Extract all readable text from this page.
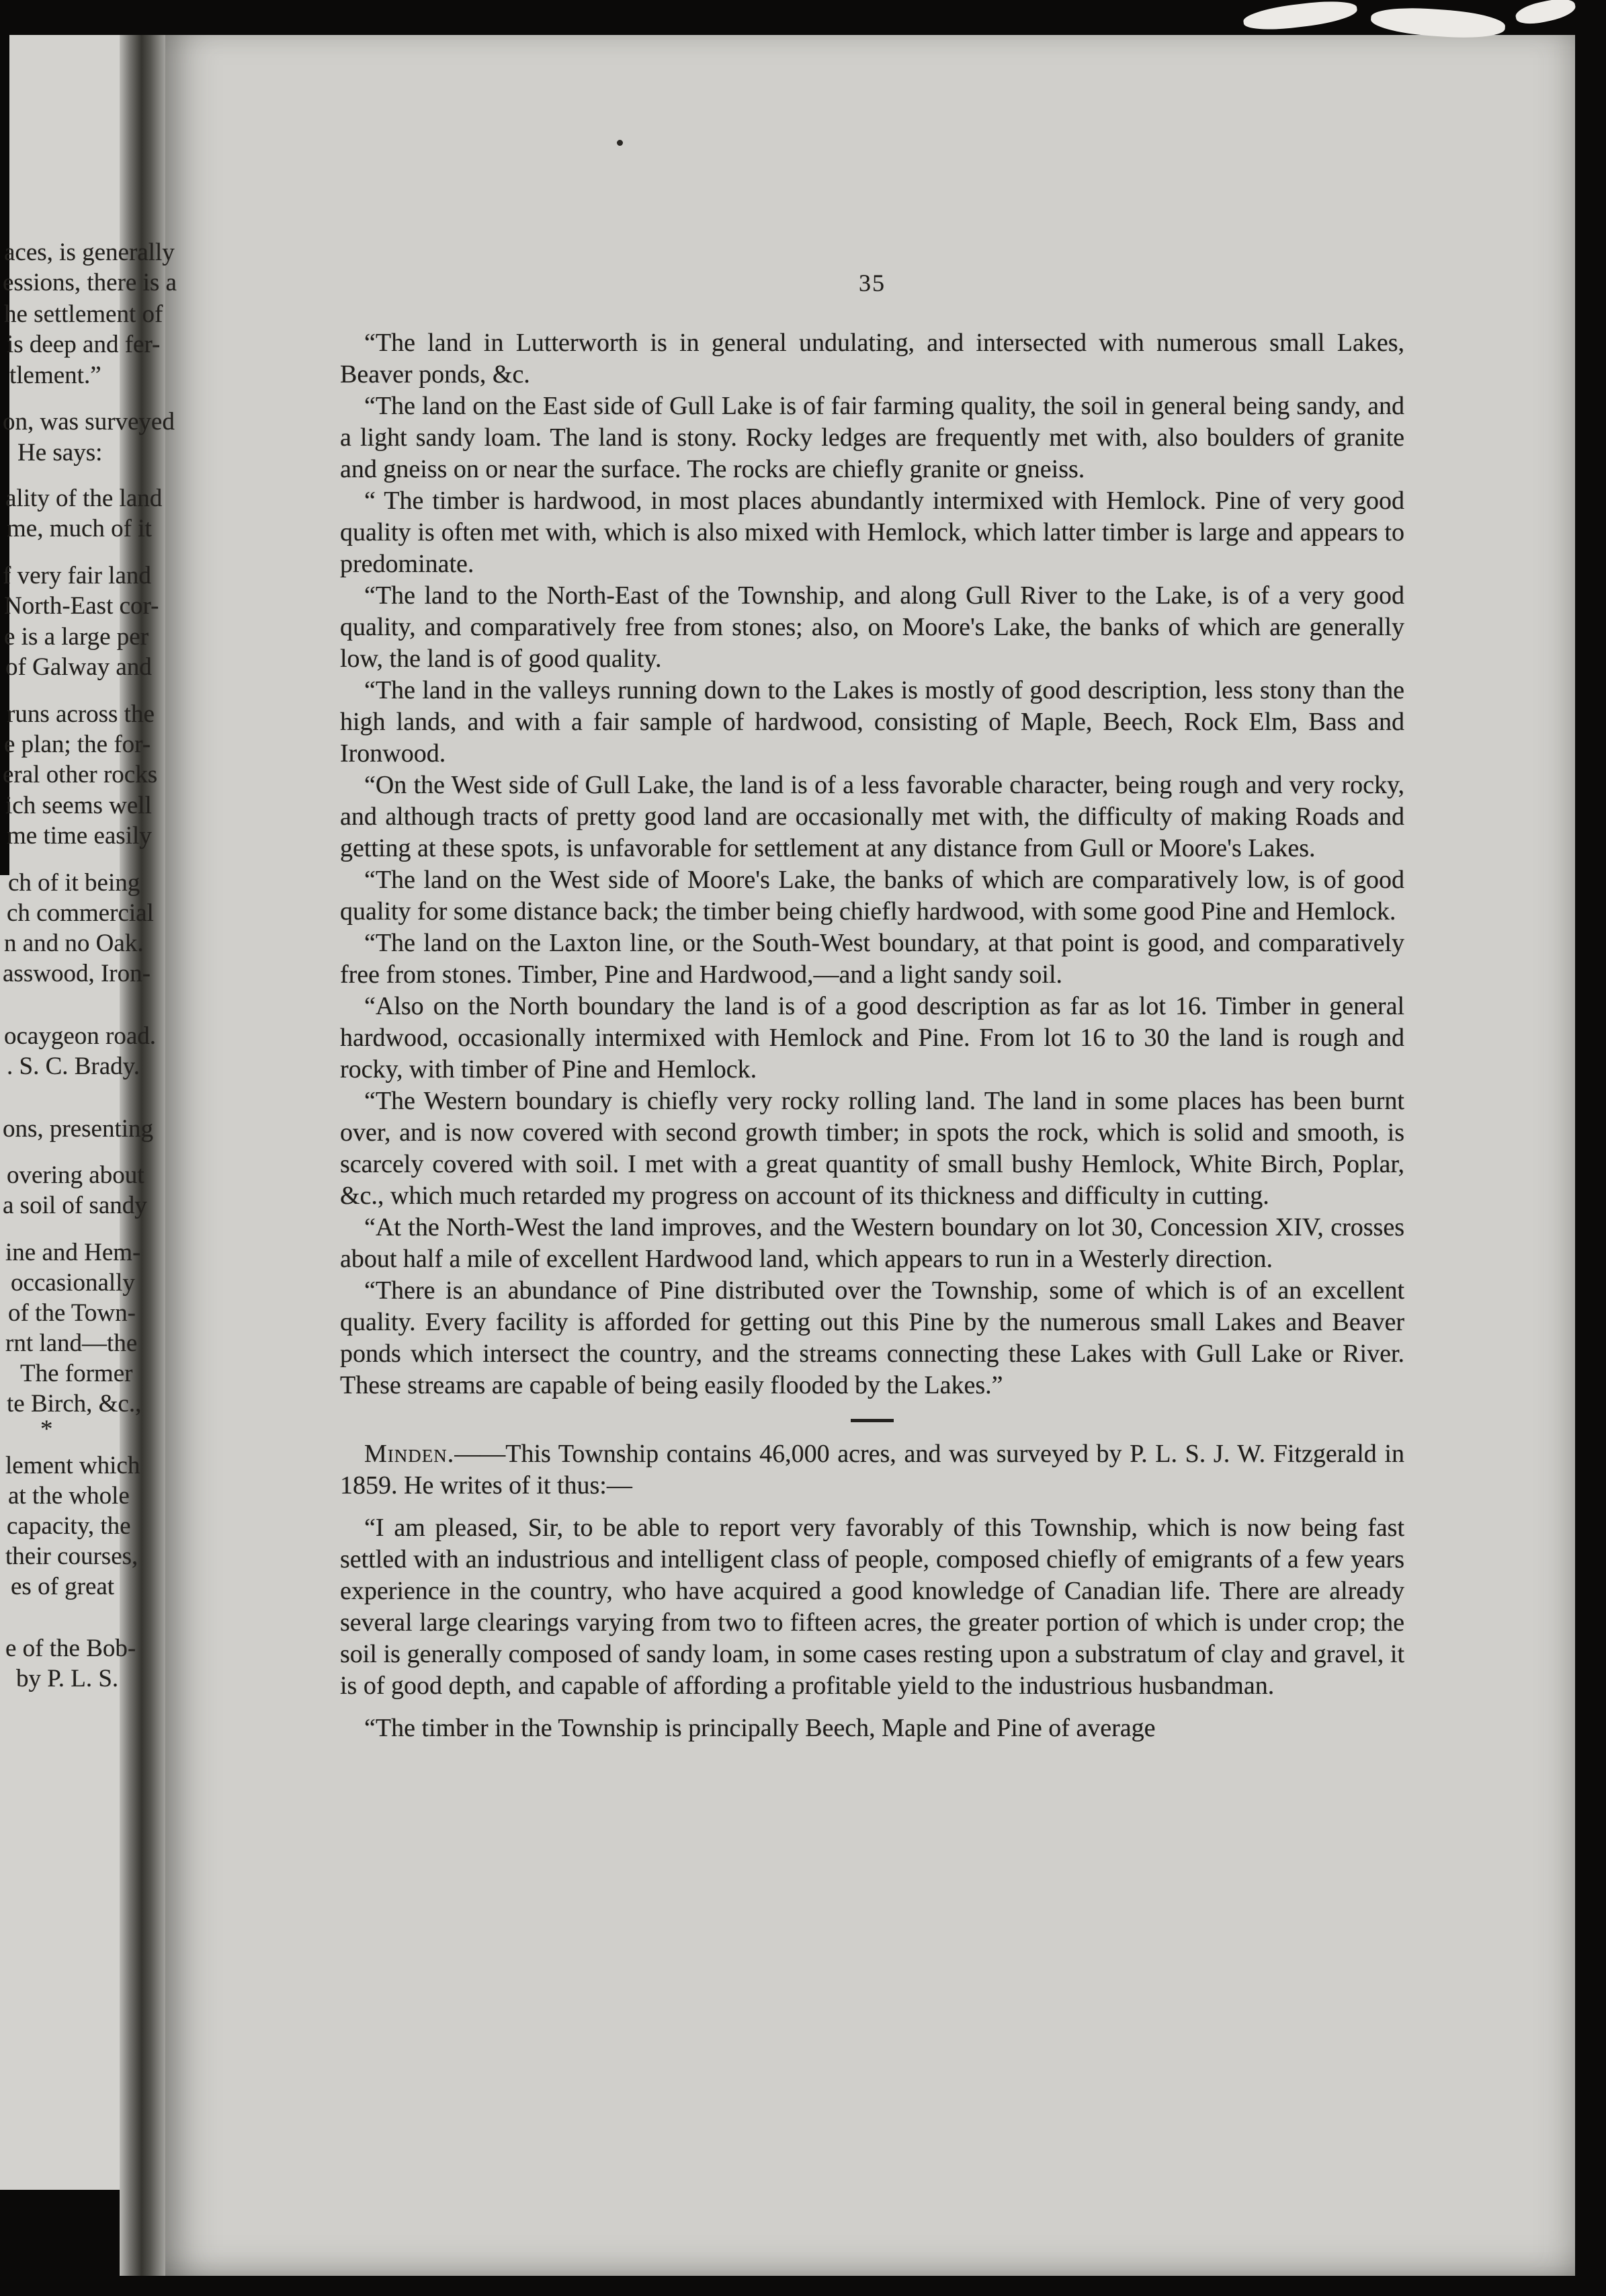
aces, is generally
essions, there is a
he settlement of
is deep and fer-
tlement.”
on, was surveyed
He says:
ality of the land
me, much of it
f very fair land
North-East cor-
e is a large per
of Galway and
runs across the
e plan; the for-
eral other rocks
ich seems well
me time easily
ch of it being
ch commercial
n and no Oak.
asswood, Iron-
ocaygeon road.
. S. C. Brady.
ons, presenting
overing about
a soil of sandy
ine and Hem-
occasionally
of the Town-
rnt land—the
The former
te Birch, &c.,
*
lement which
at the whole
capacity, the
their courses,
es of great
e of the Bob-
by P. L. S.

35

“The land in Lutterworth is in general undulating, and intersected with numerous small Lakes, Beaver ponds, &c.

“The land on the East side of Gull Lake is of fair farming quality, the soil in general being sandy, and a light sandy loam. The land is stony. Rocky ledges are frequently met with, also boulders of granite and gneiss on or near the surface. The rocks are chiefly granite or gneiss.

“ The timber is hardwood, in most places abundantly intermixed with Hemlock. Pine of very good quality is often met with, which is also mixed with Hemlock, which latter timber is large and appears to predominate.

“The land to the North-East of the Township, and along Gull River to the Lake, is of a very good quality, and comparatively free from stones; also, on Moore's Lake, the banks of which are generally low, the land is of good quality.

“The land in the valleys running down to the Lakes is mostly of good description, less stony than the high lands, and with a fair sample of hardwood, consisting of Maple, Beech, Rock Elm, Bass and Ironwood.

“On the West side of Gull Lake, the land is of a less favorable character, being rough and very rocky, and although tracts of pretty good land are occasionally met with, the difficulty of making Roads and getting at these spots, is unfavorable for settlement at any distance from Gull or Moore's Lakes.

“The land on the West side of Moore's Lake, the banks of which are comparatively low, is of good quality for some distance back; the timber being chiefly hardwood, with some good Pine and Hemlock.

“The land on the Laxton line, or the South-West boundary, at that point is good, and comparatively free from stones. Timber, Pine and Hardwood,—and a light sandy soil.

“Also on the North boundary the land is of a good description as far as lot 16. Timber in general hardwood, occasionally intermixed with Hemlock and Pine. From lot 16 to 30 the land is rough and rocky, with timber of Pine and Hemlock.

“The Western boundary is chiefly very rocky rolling land. The land in some places has been burnt over, and is now covered with second growth timber; in spots the rock, which is solid and smooth, is scarcely covered with soil. I met with a great quantity of small bushy Hemlock, White Birch, Poplar, &c., which much retarded my progress on account of its thickness and difficulty in cutting.

“At the North-West the land improves, and the Western boundary on lot 30, Concession XIV, crosses about half a mile of excellent Hardwood land, which appears to run in a Westerly direction.

“There is an abundance of Pine distributed over the Township, some of which is of an excellent quality. Every facility is afforded for getting out this Pine by the numerous small Lakes and Beaver ponds which intersect the country, and the streams connecting these Lakes with Gull Lake or River. These streams are capable of being easily flooded by the Lakes.”

Minden.——This Township contains 46,000 acres, and was surveyed by P. L. S. J. W. Fitzgerald in 1859. He writes of it thus:—

“I am pleased, Sir, to be able to report very favorably of this Township, which is now being fast settled with an industrious and intelligent class of people, composed chiefly of emigrants of a few years experience in the country, who have acquired a good knowledge of Canadian life. There are already several large clearings varying from two to fifteen acres, the greater portion of which is under crop; the soil is generally composed of sandy loam, in some cases resting upon a substratum of clay and gravel, it is of good depth, and capable of affording a profitable yield to the industrious husbandman.

“The timber in the Township is principally Beech, Maple and Pine of average
